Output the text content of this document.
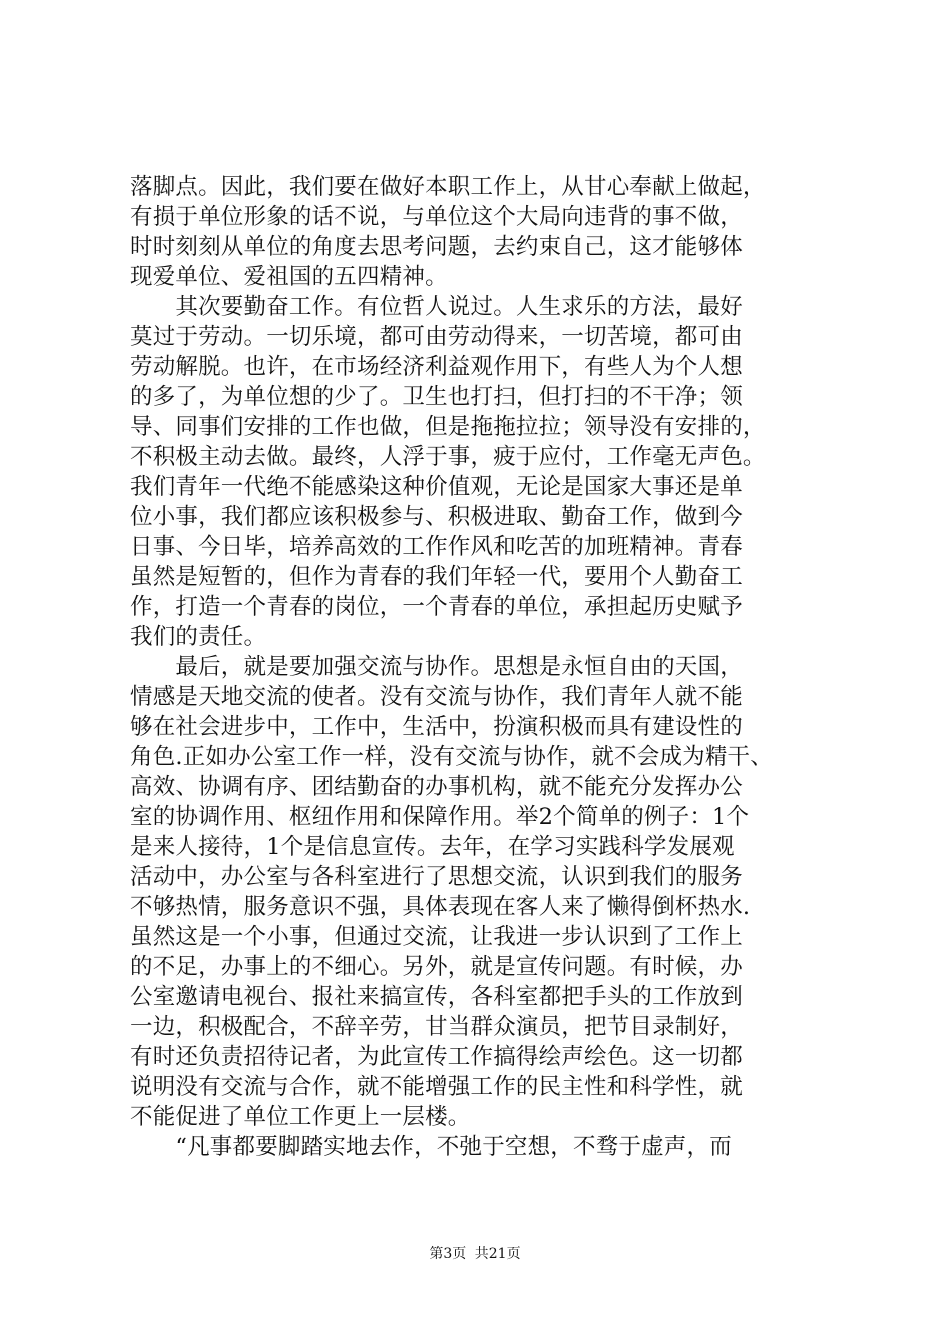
落脚点。因此，我们要在做好本职工作上，从甘心奉献上做起，
有损于单位形象的话不说，与单位这个大局向违背的事不做，
时时刻刻从单位的角度去思考问题，去约束自己，这才能够体
现爱单位、爱祖国的五四精神。
　　其次要勤奋工作。有位哲人说过。人生求乐的方法，最好
莫过于劳动。一切乐境，都可由劳动得来，一切苦境，都可由
劳动解脱。也许，在市场经济利益观作用下，有些人为个人想
的多了，为单位想的少了。卫生也打扫，但打扫的不干净；领
导、同事们安排的工作也做，但是拖拖拉拉；领导没有安排的，
不积极主动去做。最终，人浮于事，疲于应付，工作毫无声色。
我们青年一代绝不能感染这种价值观，无论是国家大事还是单
位小事，我们都应该积极参与、积极进取、勤奋工作，做到今
日事、今日毕，培养高效的工作作风和吃苦的加班精神。青春
虽然是短暂的，但作为青春的我们年轻一代，要用个人勤奋工
作，打造一个青春的岗位，一个青春的单位，承担起历史赋予
我们的责任。
　　最后，就是要加强交流与协作。思想是永恒自由的天国，
情感是天地交流的使者。没有交流与协作，我们青年人就不能
够在社会进步中，工作中，生活中，扮演积极而具有建设性的
角色.正如办公室工作一样，没有交流与协作，就不会成为精干、
高效、协调有序、团结勤奋的办事机构，就不能充分发挥办公
室的协调作用、枢纽作用和保障作用。举2个简单的例子：1个
是来人接待，1个是信息宣传。去年，在学习实践科学发展观
活动中，办公室与各科室进行了思想交流，认识到我们的服务
不够热情，服务意识不强，具体表现在客人来了懒得倒杯热水.
虽然这是一个小事，但通过交流，让我进一步认识到了工作上
的不足，办事上的不细心。另外，就是宣传问题。有时候，办
公室邀请电视台、报社来搞宣传，各科室都把手头的工作放到
一边，积极配合，不辞辛劳，甘当群众演员，把节目录制好，
有时还负责招待记者，为此宣传工作搞得绘声绘色。这一切都
说明没有交流与合作，就不能增强工作的民主性和科学性，就
不能促进了单位工作更上一层楼。
　　“凡事都要脚踏实地去作，不弛于空想，不骛于虚声，而
第3页 共21页
